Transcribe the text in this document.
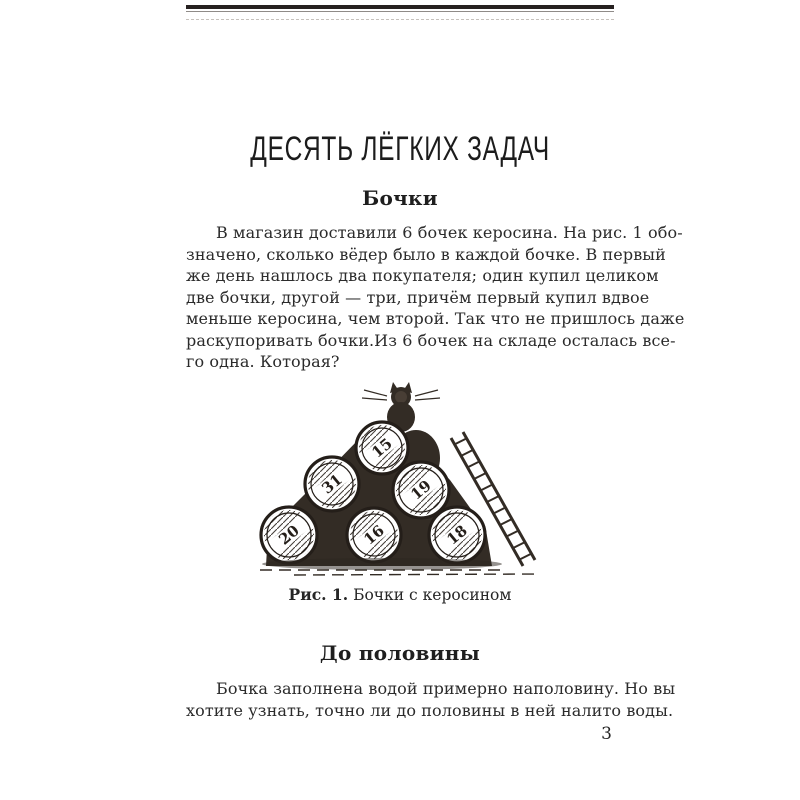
ДЕСЯТЬ ЛЁГКИХ ЗАДАЧ
Бочки
В магазин доставили 6 бочек керосина. На рис. 1 обо-
значено, сколько вёдер было в каждой бочке. В первый
же день нашлось два покупателя; один купил целиком
две бочки, другой — три, причём первый купил вдвое
меньше керосина, чем второй. Так что не пришлось даже
раскупоривать бочки.Из 6 бочек на складе осталась все-
го одна. Которая?
15
31	19
20	16	18
Рис. 1. Бочки с керосином
До половины
Бочка заполнена водой примерно наполовину. Но вы
хотите узнать, точно ли до половины в ней налито воды.
3
